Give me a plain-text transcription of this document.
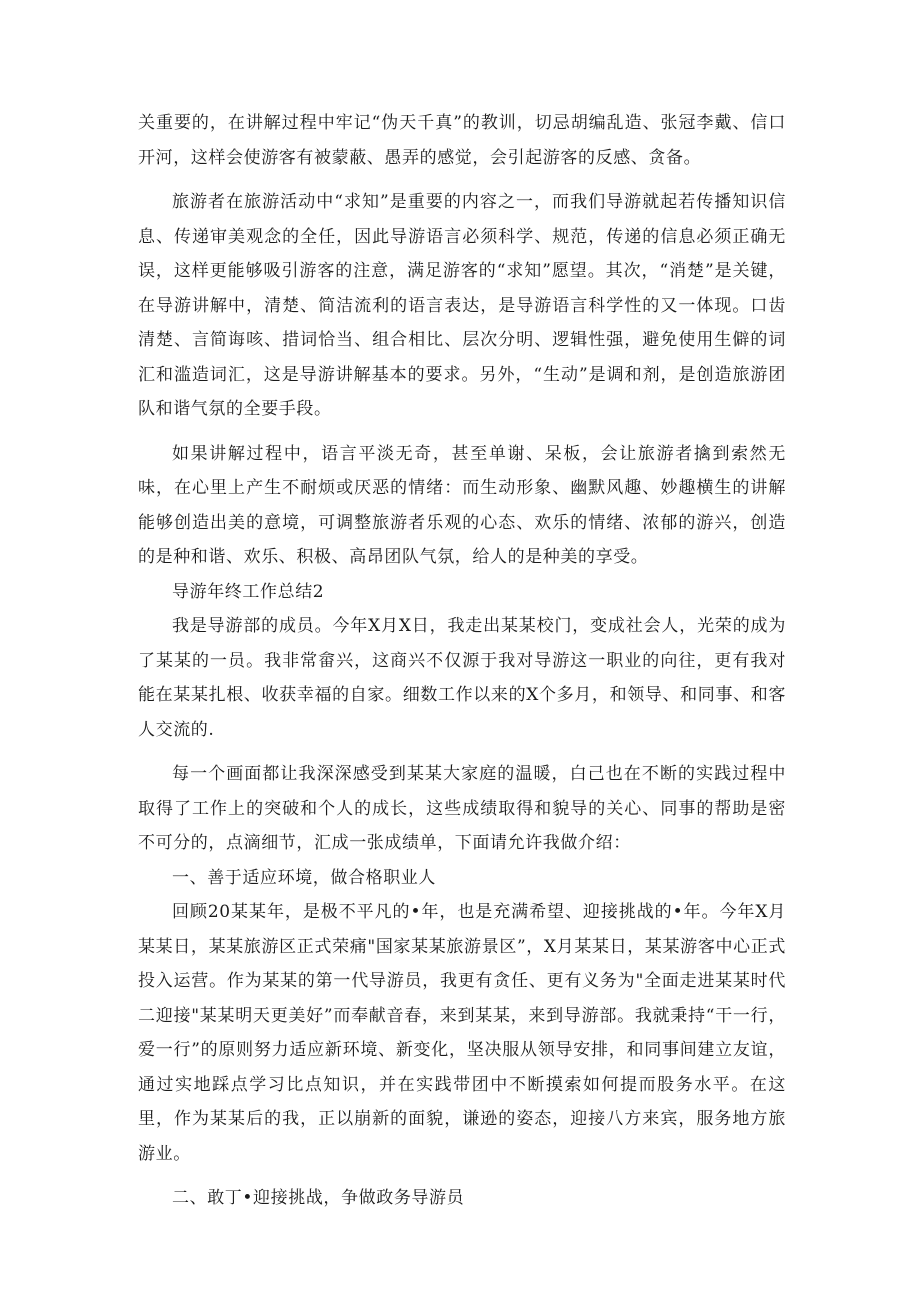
关重要的，在讲解过程中牢记“伪天千真”的教训，切忌胡编乱造、张冠李戴、信口开河，这样会使游客有被蒙蔽、愚弄的感觉，会引起游客的反感、贪备。

旅游者在旅游活动中“求知”是重要的内容之一，而我们导游就起若传播知识信息、传递审美观念的全任，因此导游语言必须科学、规范，传递的信息必须正确无误，这样更能够吸引游客的注意，满足游客的“求知”愿望。其次，“消楚”是关键，在导游讲解中，清楚、简洁流利的语言表达，是导游语言科学性的又一体现。口齿清楚、言简诲咳、措词恰当、组合相比、层次分明、逻辑性强，避免使用生僻的词汇和滥造词汇，这是导游讲解基本的要求。另外，“生动”是调和剂，是创造旅游团队和谐气氛的全要手段。

如果讲解过程中，语言平淡无奇，甚至单谢、呆板，会让旅游者擒到索然无味，在心里上产生不耐烦或厌恶的情绪：而生动形象、幽默风趣、妙趣横生的讲解能够创造出美的意境，可调整旅游者乐观的心态、欢乐的情绪、浓郁的游兴，创造的是种和谐、欢乐、积极、高昂团队气氛，给人的是种美的享受。

导游年终工作总结2

我是导游部的成员。今年X月X日，我走出某某校门，变成社会人，光荣的成为了某某的一员。我非常畲兴，这商兴不仅源于我对导游这一职业的向往，更有我对能在某某扎根、收获幸福的自家。细数工作以来的X个多月，和领导、和同事、和客人交流的.

每一个画面都让我深深感受到某某大家庭的温暖，白己也在不断的实践过程中取得了工作上的突破和个人的成长，这些成绩取得和貌导的关心、同事的帮助是密不可分的，点滴细节，汇成一张成绩单，下面请允许我做介绍：

一、善于适应环境，做合格职业人

回顾20某某年，是极不平凡的•年，也是充满希望、迎接挑战的•年。今年X月某某日，某某旅游区正式荣痛"国家某某旅游景区”，X月某某日，某某游客中心正式投入运营。作为某某的第一代导游员，我更有贪任、更有义务为"全面走进某某时代二迎接"某某明天更美好”而奉献音春，来到某某，来到导游部。我就秉持“干一行，爱一行”的原则努力适应新环境、新变化，坚决服从领导安排，和同事间建立友谊，通过实地踩点学习比点知识，并在实践带团中不断摸索如何提而股务水平。在这里，作为某某后的我，正以崩新的面貌，谦逊的姿态，迎接八方来宾，服务地方旅游业。

二、敢丁•迎接挑战，争做政务导游员
